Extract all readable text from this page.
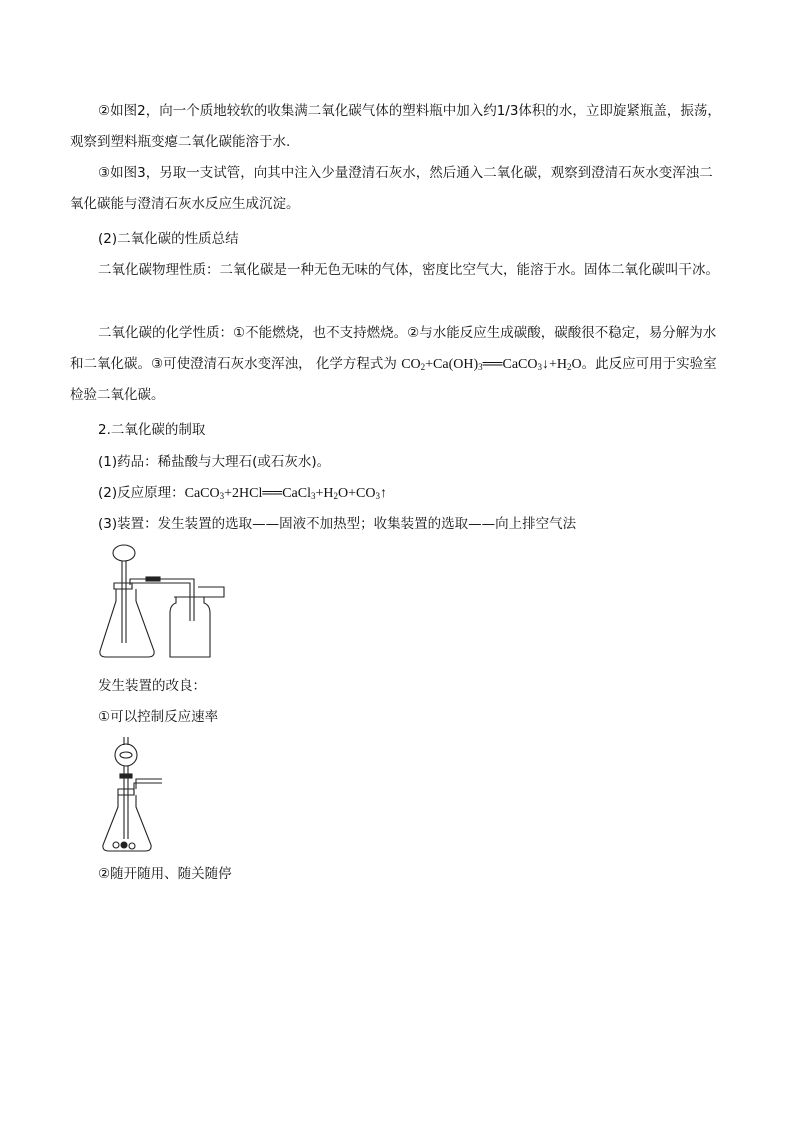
②如图2，向一个质地较软的收集满二氧化碳气体的塑料瓶中加入约1/3体积的水，立即旋紧瓶盖，振荡，观察到塑料瓶变瘪二氧化碳能溶于水.
③如图3，另取一支试管，向其中注入少量澄清石灰水，然后通入二氧化碳，观察到澄清石灰水变浑浊二氧化碳能与澄清石灰水反应生成沉淀。
(2)二氧化碳的性质总结
二氧化碳物理性质：二氧化碳是一种无色无味的气体，密度比空气大，能溶于水。固体二氧化碳叫干冰。
二氧化碳的化学性质：①不能燃烧，也不支持燃烧。②与水能反应生成碳酸，碳酸很不稳定，易分解为水和二氧化碳。③可使澄清石灰水变浑浊， 化学方程式为 $CO_2+Ca(OH)_3══CaCO_3↓+H_2O$。此反应可用于实验室检验二氧化碳。
2.二氧化碳的制取
(1)药品：稀盐酸与大理石(或石灰水)。
(2)反应原理：$CaCO_3+2HCl══CaCl_3+H_2O+CO_3↑$
(3)装置：发生装置的选取——固液不加热型；收集装置的选取——向上排空气法
发生装置的改良：
①可以控制反应速率
②随开随用、随关随停
